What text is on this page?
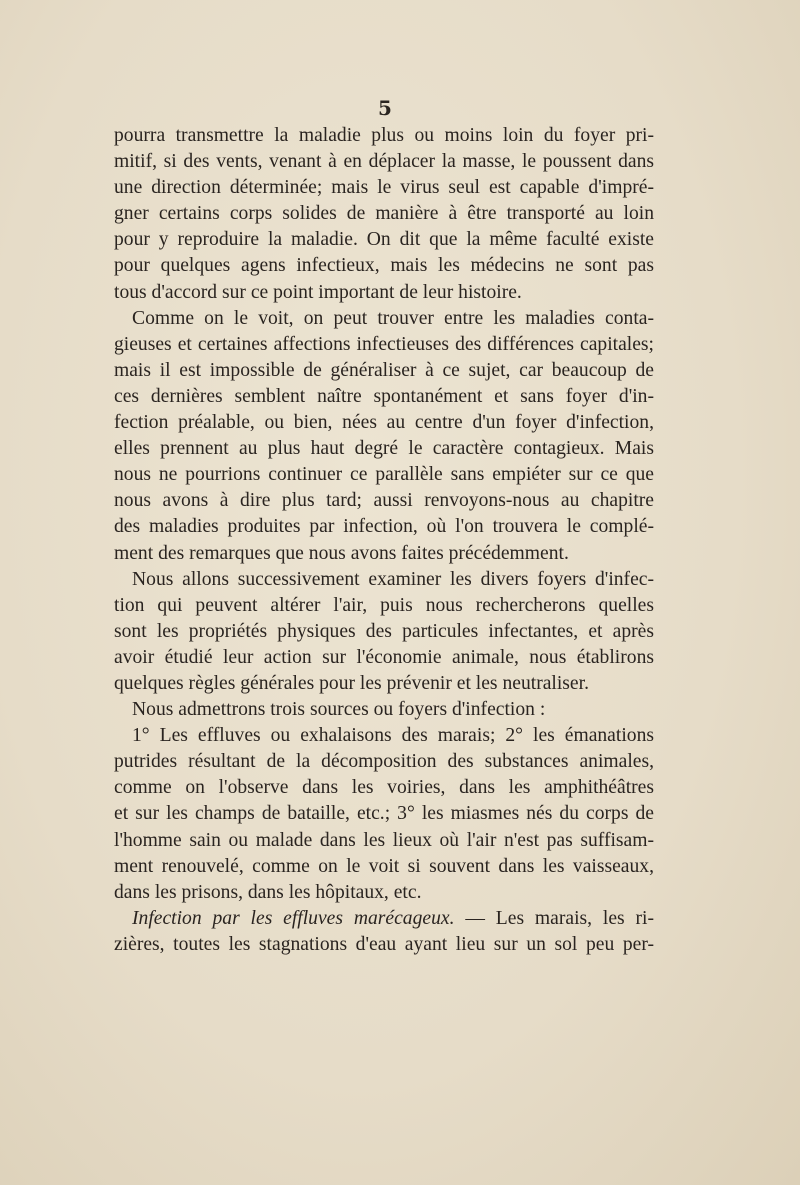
5
pourra transmettre la maladie plus ou moins loin du foyer pri-
mitif, si des vents, venant à en déplacer la masse, le poussent dans
une direction déterminée; mais le virus seul est capable d'impré-
gner certains corps solides de manière à être transporté au loin
pour y reproduire la maladie. On dit que la même faculté existe
pour quelques agens infectieux, mais les médecins ne sont pas
tous d'accord sur ce point important de leur histoire.
Comme on le voit, on peut trouver entre les maladies conta-
gieuses et certaines affections infectieuses des différences capitales;
mais il est impossible de généraliser à ce sujet, car beaucoup de
ces dernières semblent naître spontanément et sans foyer d'in-
fection préalable, ou bien, nées au centre d'un foyer d'infection,
elles prennent au plus haut degré le caractère contagieux. Mais
nous ne pourrions continuer ce parallèle sans empiéter sur ce que
nous avons à dire plus tard; aussi renvoyons-nous au chapitre
des maladies produites par infection, où l'on trouvera le complé-
ment des remarques que nous avons faites précédemment.
Nous allons successivement examiner les divers foyers d'infec-
tion qui peuvent altérer l'air, puis nous rechercherons quelles
sont les propriétés physiques des particules infectantes, et après
avoir étudié leur action sur l'économie animale, nous établirons
quelques règles générales pour les prévenir et les neutraliser.
Nous admettrons trois sources ou foyers d'infection :
1° Les effluves ou exhalaisons des marais; 2° les émanations
putrides résultant de la décomposition des substances animales,
comme on l'observe dans les voiries, dans les amphithéâtres
et sur les champs de bataille, etc.; 3° les miasmes nés du corps de
l'homme sain ou malade dans les lieux où l'air n'est pas suffisam-
ment renouvelé, comme on le voit si souvent dans les vaisseaux,
dans les prisons, dans les hôpitaux, etc.
Infection par les effluves marécageux. — Les marais, les ri-
zières, toutes les stagnations d'eau ayant lieu sur un sol peu per-
